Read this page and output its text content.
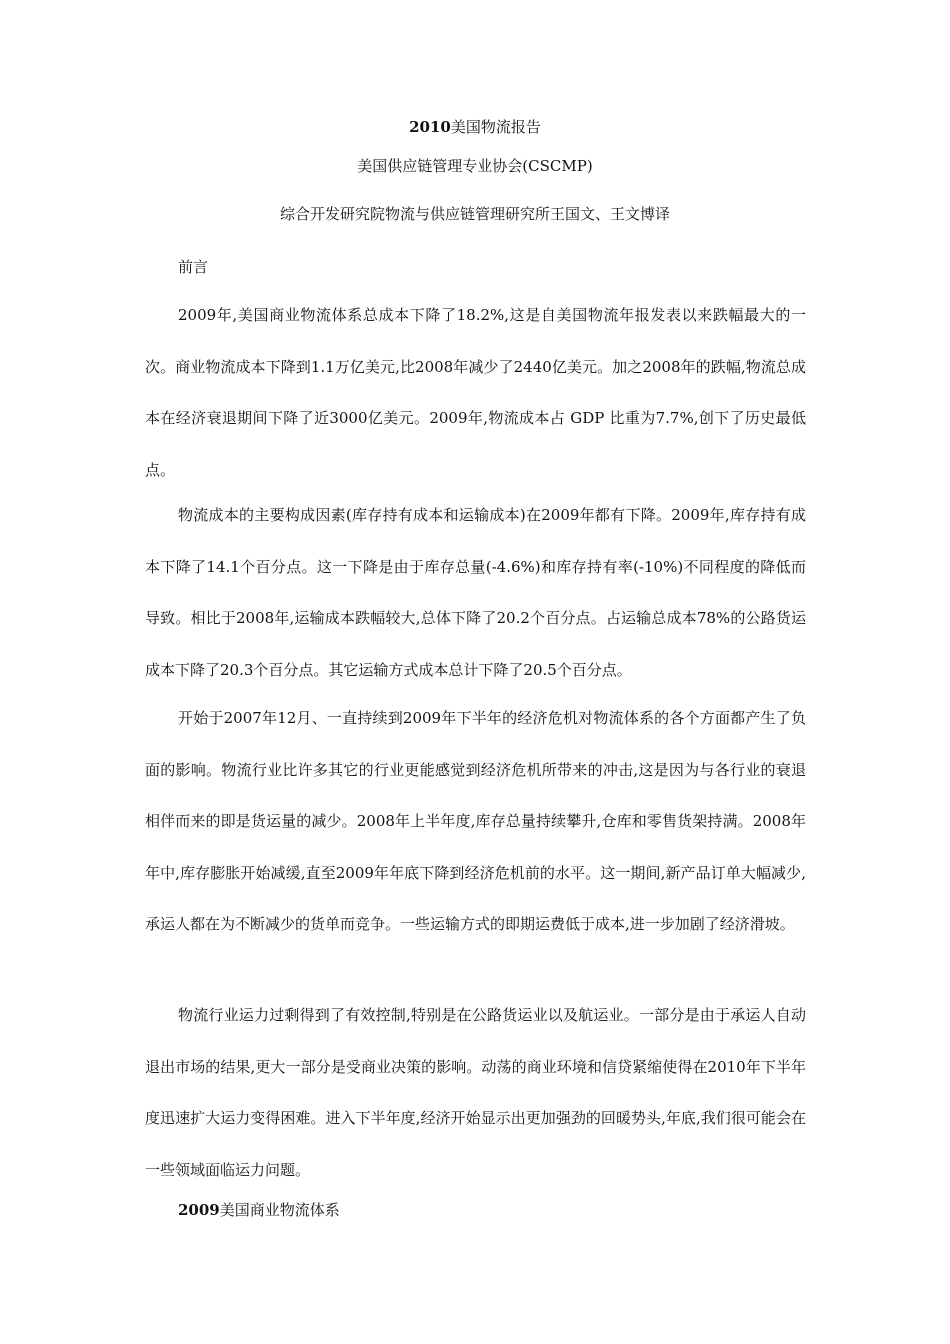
2010美国物流报告
美国供应链管理专业协会(CSCMP)
综合开发研究院物流与供应链管理研究所王国文、王文博译
前言

2009年,美国商业物流体系总成本下降了18.2%,这是自美国物流年报发表以来跌幅最大的一次。商业物流成本下降到1.1万亿美元,比2008年减少了2440亿美元。加之2008年的跌幅,物流总成本在经济衰退期间下降了近3000亿美元。2009年,物流成本占 GDP 比重为7.7%,创下了历史最低点。

物流成本的主要构成因素(库存持有成本和运输成本)在2009年都有下降。2009年,库存持有成本下降了14.1个百分点。这一下降是由于库存总量(-4.6%)和库存持有率(-10%)不同程度的降低而导致。相比于2008年,运输成本跌幅较大,总体下降了20.2个百分点。占运输总成本78%的公路货运成本下降了20.3个百分点。其它运输方式成本总计下降了20.5个百分点。

开始于2007年12月、一直持续到2009年下半年的经济危机对物流体系的各个方面都产生了负面的影响。物流行业比许多其它的行业更能感觉到经济危机所带来的冲击,这是因为与各行业的衰退相伴而来的即是货运量的减少。2008年上半年度,库存总量持续攀升,仓库和零售货架持满。2008年年中,库存膨胀开始减缓,直至2009年年底下降到经济危机前的水平。这一期间,新产品订单大幅减少,承运人都在为不断减少的货单而竞争。一些运输方式的即期运费低于成本,进一步加剧了经济滑坡。

物流行业运力过剩得到了有效控制,特别是在公路货运业以及航运业。一部分是由于承运人自动退出市场的结果,更大一部分是受商业决策的影响。动荡的商业环境和信贷紧缩使得在2010年下半年度迅速扩大运力变得困难。进入下半年度,经济开始显示出更加强劲的回暖势头,年底,我们很可能会在一些领域面临运力问题。

2009美国商业物流体系
